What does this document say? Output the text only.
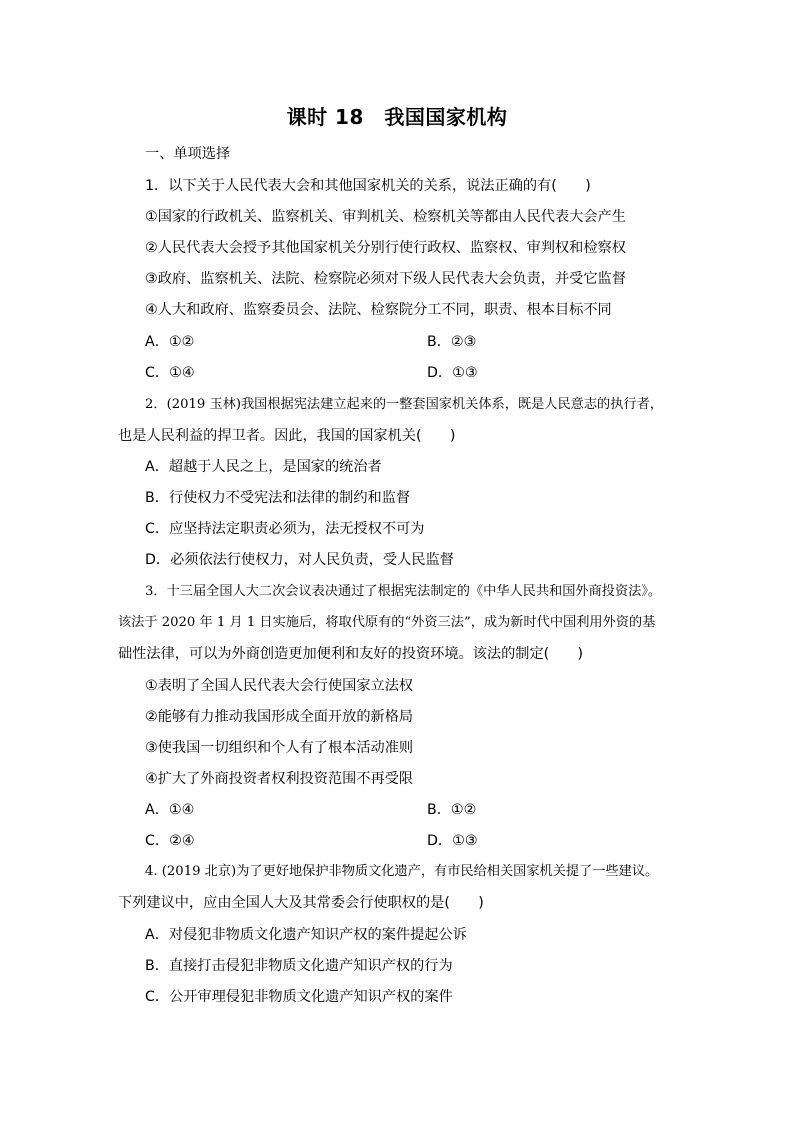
课时 18　我国国家机构
一、单项选择
1．以下关于人民代表大会和其他国家机关的关系，说法正确的有(　　)
①国家的行政机关、监察机关、审判机关、检察机关等都由人民代表大会产生
②人民代表大会授予其他国家机关分别行使行政权、监察权、审判权和检察权
③政府、监察机关、法院、检察院必须对下级人民代表大会负责，并受它监督
④人大和政府、监察委员会、法院、检察院分工不同，职责、根本目标不同
A．①②	B．②③
C．①④	D．①③
2．(2019 玉林)我国根据宪法建立起来的一整套国家机关体系，既是人民意志的执行者，
也是人民利益的捍卫者。因此，我国的国家机关(　　)
A．超越于人民之上，是国家的统治者
B．行使权力不受宪法和法律的制约和监督
C．应坚持法定职责必须为，法无授权不可为
D．必须依法行使权力，对人民负责，受人民监督
3．十三届全国人大二次会议表决通过了根据宪法制定的《中华人民共和国外商投资法》。
该法于 2020 年 1 月 1 日实施后，将取代原有的“外资三法”，成为新时代中国利用外资的基
础性法律，可以为外商创造更加便利和友好的投资环境。该法的制定(　　)
①表明了全国人民代表大会行使国家立法权
②能够有力推动我国形成全面开放的新格局
③使我国一切组织和个人有了根本活动准则
④扩大了外商投资者权利投资范围不再受限
A．①④	B．①②
C．②④	D．①③
4. (2019 北京)为了更好地保护非物质文化遗产，有市民给相关国家机关提了一些建议。
下列建议中，应由全国人大及其常委会行使职权的是(　　)
A．对侵犯非物质文化遗产知识产权的案件提起公诉
B．直接打击侵犯非物质文化遗产知识产权的行为
C．公开审理侵犯非物质文化遗产知识产权的案件
